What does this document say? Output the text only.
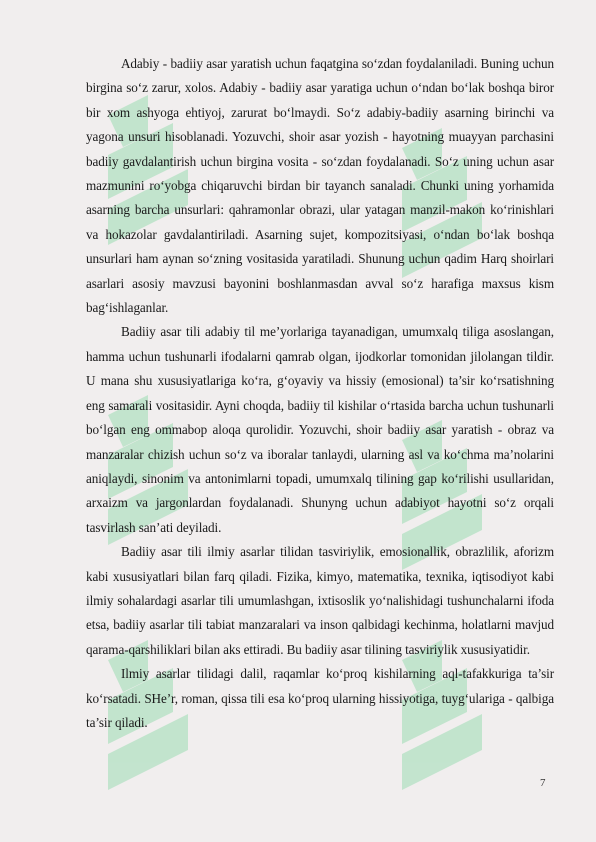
Adabiy - badiiy asar yaratish uchun faqatgina so‘zdan foydalaniladi. Buning uchun birgina so‘z zarur, xolos. Adabiy - badiiy asar yaratiga uchun o‘ndan bo‘lak boshqa biror bir xom ashyoga ehtiyoj, zarurat bo‘lmaydi. So‘z adabiy-badiiy asarning birinchi va yagona unsuri hisoblanadi. Yozuvchi, shoir asar yozish - hayotning muayyan parchasini badiiy gavdalantirish uchun birgina vosita - so‘zdan foydalanadi. So‘z uning uchun asar mazmunini ro‘yobga chiqaruvchi birdan bir tayanch sanaladi. Chunki uning yorhamida asarning barcha unsurlari: qahramonlar obrazi, ular yatagan manzil-makon ko‘rinishlari va hokazolar gavdalantiriladi. Asarning sujet, kompozitsiyasi, o‘ndan bo‘lak boshqa unsurlari ham aynan so‘zning vositasida yaratiladi. Shunung uchun qadim Harq shoirlari asarlari asosiy mavzusi bayonini boshlanmasdan avval so‘z harafiga maxsus kism bag‘ishlaganlar.

Badiiy asar tili adabiy til me’yorlariga tayanadigan, umumxalq tiliga asoslangan, hamma uchun tushunarli ifodalarni qamrab olgan, ijodkorlar tomonidan jilolangan tildir. U mana shu xususiyatlariga ko‘ra, g‘oyaviy va hissiy (emosional) ta’sir ko‘rsatishning eng samarali vositasidir. Ayni choqda, badiiy til kishilar o‘rtasida barcha uchun tushunarli bo‘lgan eng ommabop aloqa qurolidir. Yozuvchi, shoir badiiy asar yaratish - obraz va manzaralar chizish uchun so‘z va iboralar tanlaydi, ularning asl va ko‘chma ma’nolarini aniqlaydi, sinonim va antonimlarni topadi, umumxalq tilining gap ko‘rilishi usullaridan, arxaizm va jargonlardan foydalanadi. Shunyng uchun adabiyot hayotni so‘z orqali tasvirlash san’ati deyiladi.

Badiiy asar tili ilmiy asarlar tilidan tasviriylik, emosionallik, obrazlilik, aforizm kabi xususiyatlari bilan farq qiladi. Fizika, kimyo, matematika, texnika, iqtisodiyot kabi ilmiy sohalardagi asarlar tili umumlashgan, ixtisoslik yo‘nalishidagi tushunchalarni ifoda etsa, badiiy asarlar tili tabiat manzaralari va inson qalbidagi kechinma, holatlarni mavjud qarama-qarshiliklari bilan aks ettiradi. Bu badiiy asar tilining tasviriylik xususiyatidir.

Ilmiy asarlar tilidagi dalil, raqamlar ko‘proq kishilarning aql-tafakkuriga ta’sir ko‘rsatadi. SHe’r, roman, qissa tili esa ko‘proq ularning hissiyotiga, tuyg‘ulariga - qalbiga ta’sir qiladi.

7
